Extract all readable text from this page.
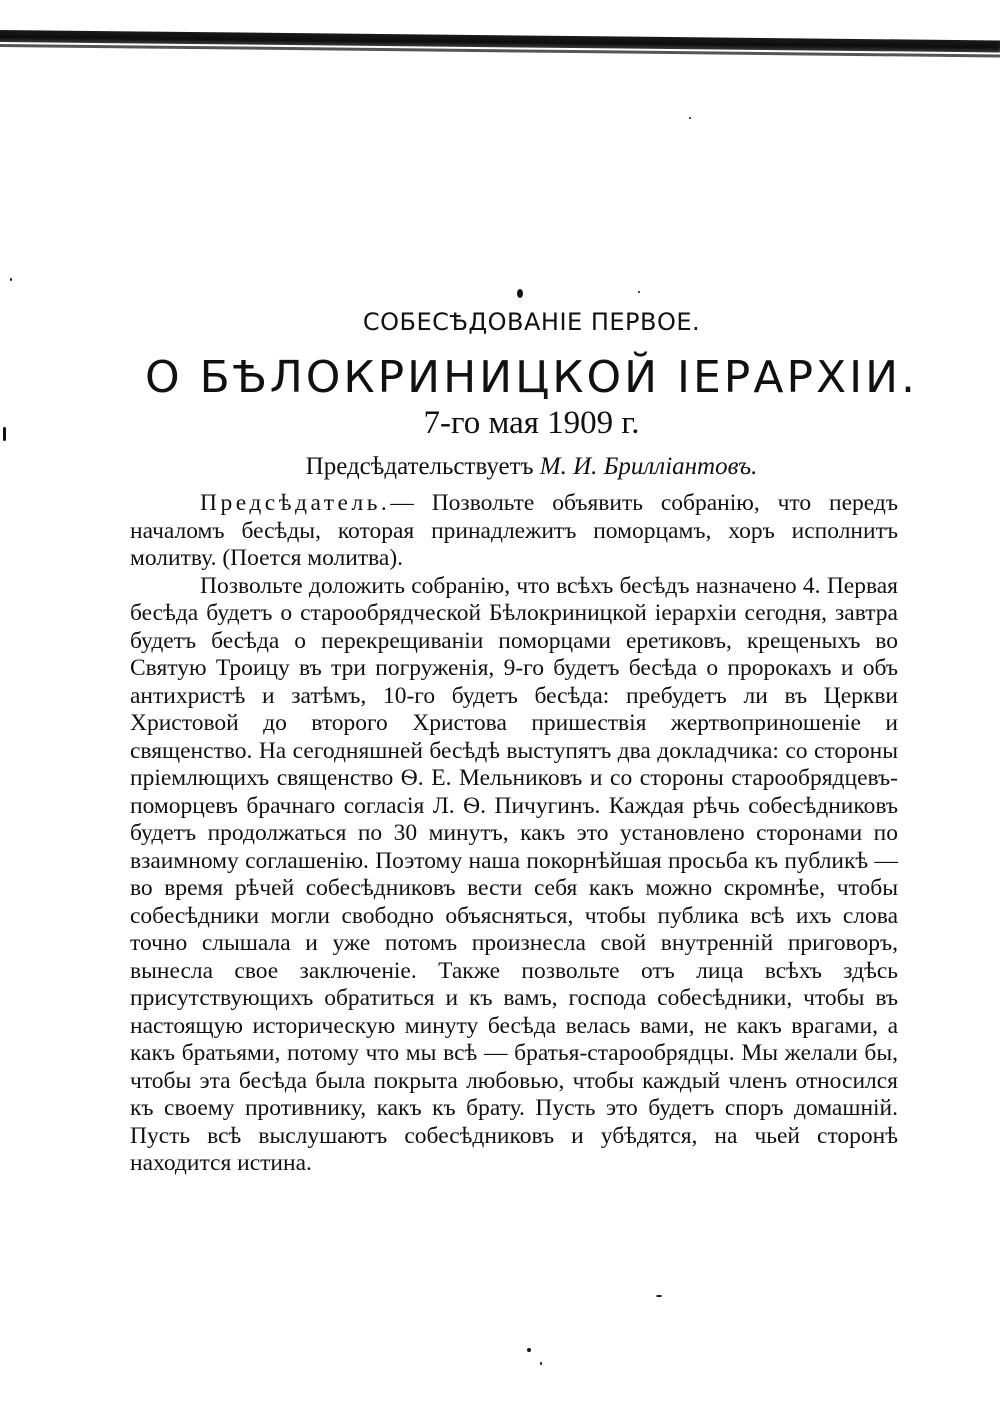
СОБЕСѢДОВАНІЕ ПЕРВОЕ.
О БѢЛОКРИНИЦКОЙ ІЕРАРХІИ.
7-го мая 1909 г.
Предсѣдательствуетъ М. И. Бриллiантовъ.

Предсѣдатель.— Позвольте объявить собранію, что передъ началомъ бесѣды, которая принадлежитъ поморцамъ, хоръ исполнитъ молитву. (Поется молитва).

Позвольте доложить собранію, что всѣхъ бесѣдъ назначено 4. Первая бесѣда будетъ о старообрядческой Бѣлокриницкой іерархіи сегодня, завтра будетъ бесѣда о перекрещиваніи поморцами еретиковъ, крещеныхъ во Святую Троицу въ три погруженія, 9-го будетъ бесѣда о пророкахъ и объ антихристѣ и затѣмъ, 10-го будетъ бесѣда: пребудетъ ли въ Церкви Христовой до второго Христова пришествія жертвоприношеніе и священство. На сегодняшней бесѣдѣ выступятъ два докладчика: со стороны пріемлющихъ священство Ѳ. Е. Мельниковъ и со стороны старообрядцевъ-поморцевъ брачнаго согласія Л. Ѳ. Пичугинъ. Каждая рѣчь собесѣдниковъ будетъ продолжаться по 30 минутъ, какъ это установлено сторонами по взаимному соглашенію. Поэтому наша покорнѣйшая просьба къ публикѣ — во время рѣчей собесѣдниковъ вести себя какъ можно скромнѣе, чтобы собесѣдники могли свободно объясняться, чтобы публика всѣ ихъ слова точно слышала и уже потомъ произнесла свой внутренній приговоръ, вынесла свое заключеніе. Также позвольте отъ лица всѣхъ здѣсь присутствующихъ обратиться и къ вамъ, господа собесѣдники, чтобы въ настоящую историческую минуту бесѣда велась вами, не какъ врагами, а какъ братьями, потому что мы всѣ — братья-старообрядцы. Мы желали бы, чтобы эта бесѣда была покрыта любовью, чтобы каждый членъ относился къ своему противнику, какъ къ брату. Пусть это будетъ споръ домашній. Пусть всѣ выслушаютъ собесѣдниковъ и убѣдятся, на чьей сторонѣ находится истина.
